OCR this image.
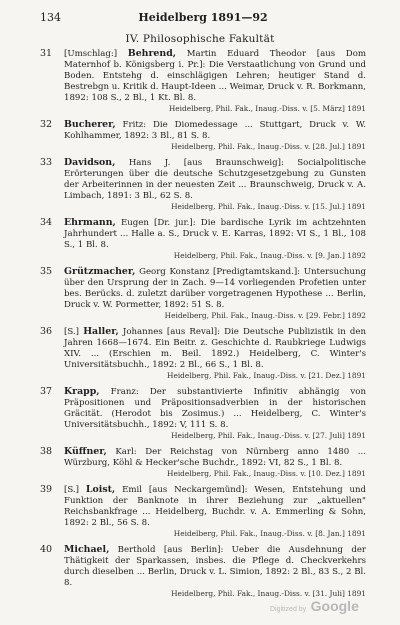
134	Heidelberg 1891—92
IV. Philosophische Fakultät
31	[Umschlag:] Behrend, Martin Eduard Theodor [aus Dom Maternhof b. Königsberg i. Pr.]: Die Verstaatlichung von Grund und Boden. Entstehg d. einschlägigen Lehren; heutiger Stand d. Bestrebgn u. Kritik d. Haupt-Ideen ... Weimar, Druck v. R. Borkmann, 1892: 108 S., 2 Bl., 1 Kt. Bl. 8.
Heidelberg, Phil. Fak., Inaug.-Diss. v. [5. März] 1891
32	Bucherer, Fritz: Die Diomedessage ... Stuttgart, Druck v. W. Kohlhammer, 1892: 3 Bl., 81 S. 8.
Heidelberg, Phil. Fak., Inaug.-Diss. v. [28. Jul.] 1891
33	Davidson, Hans J. [aus Braunschweig]: Socialpolitische Erörterungen über die deutsche Schutzgesetzgebung zu Gunsten der Arbeiterinnen in der neuesten Zeit ... Braunschweig, Druck v. A. Limbach, 1891: 3 Bl., 62 S. 8.
Heidelberg, Phil. Fak., Inaug.-Diss. v. [15. Jul.] 1891
34	Ehrmann, Eugen [Dr. jur.]: Die bardische Lyrik im achtzehnten Jahrhundert ... Halle a. S., Druck v. E. Karras, 1892: VI S., 1 Bl., 108 S., 1 Bl. 8.
Heidelberg, Phil. Fak., Inaug.-Diss. v. [9. Jan.] 1892
35	Grützmacher, Georg Konstanz [Predigtamtskand.]: Untersuchung über den Ursprung der in Zach. 9—14 vorliegenden Profetien unter bes. Berücks. d. zuletzt darüber vorgetragenen Hypothese ... Berlin, Druck v. W. Pormetter, 1892: 51 S. 8.
Heidelberg, Phil. Fak., Inaug.-Diss. v. [29. Febr.] 1892
36	[S.] Haller, Johannes [aus Reval]: Die Deutsche Publizistik in den Jahren 1668—1674. Ein Beitr. z. Geschichte d. Raubkriege Ludwigs XIV. ... (Erschien m. Beil. 1892.) Heidelberg, C. Winter's Universitätsbuchh., 1892: 2 Bl., 66 S., 1 Bl. 8.
Heidelberg, Phil. Fak., Inaug.-Diss. v. [21. Dez.] 1891
37	Krapp, Franz: Der substantivierte Infinitiv abhängig von Präpositionen und Präpositionsadverbien in der historischen Gräcität. (Herodot bis Zosimus.) ... Heidelberg, C. Winter's Universitätsbuchh., 1892: V, 111 S. 8.
Heidelberg, Phil. Fak., Inaug.-Diss. v. [27. Juli] 1891
38	Küffner, Karl: Der Reichstag von Nürnberg anno 1480 ... Würzburg, Köhl & Hecker'sche Buchdr., 1892: VI, 82 S., 1 Bl. 8.
Heidelberg, Phil. Fak., Inaug.-Diss. v. [10. Dez.] 1891
39	[S.] Loist, Emil [aus Neckargemünd]: Wesen, Entstehung und Funktion der Banknote in ihrer Beziehung zur „aktuellen" Reichsbankfrage ... Heidelberg, Buchdr. v. A. Emmerling & Sohn, 1892: 2 Bl., 56 S. 8.
Heidelberg, Phil. Fak., Inaug.-Diss. v. [8. Jan.] 1891
40	Michael, Berthold [aus Berlin]: Ueber die Ausdehnung der Thätigkeit der Sparkassen, insbes. die Pflege d. Checkverkehrs durch dieselben ... Berlin, Druck v. L. Simion, 1892: 2 Bl., 83 S., 2 Bl. 8.
Heidelberg, Phil. Fak., Inaug.-Diss. v. [31. Juli] 1891
Digitized by Google
